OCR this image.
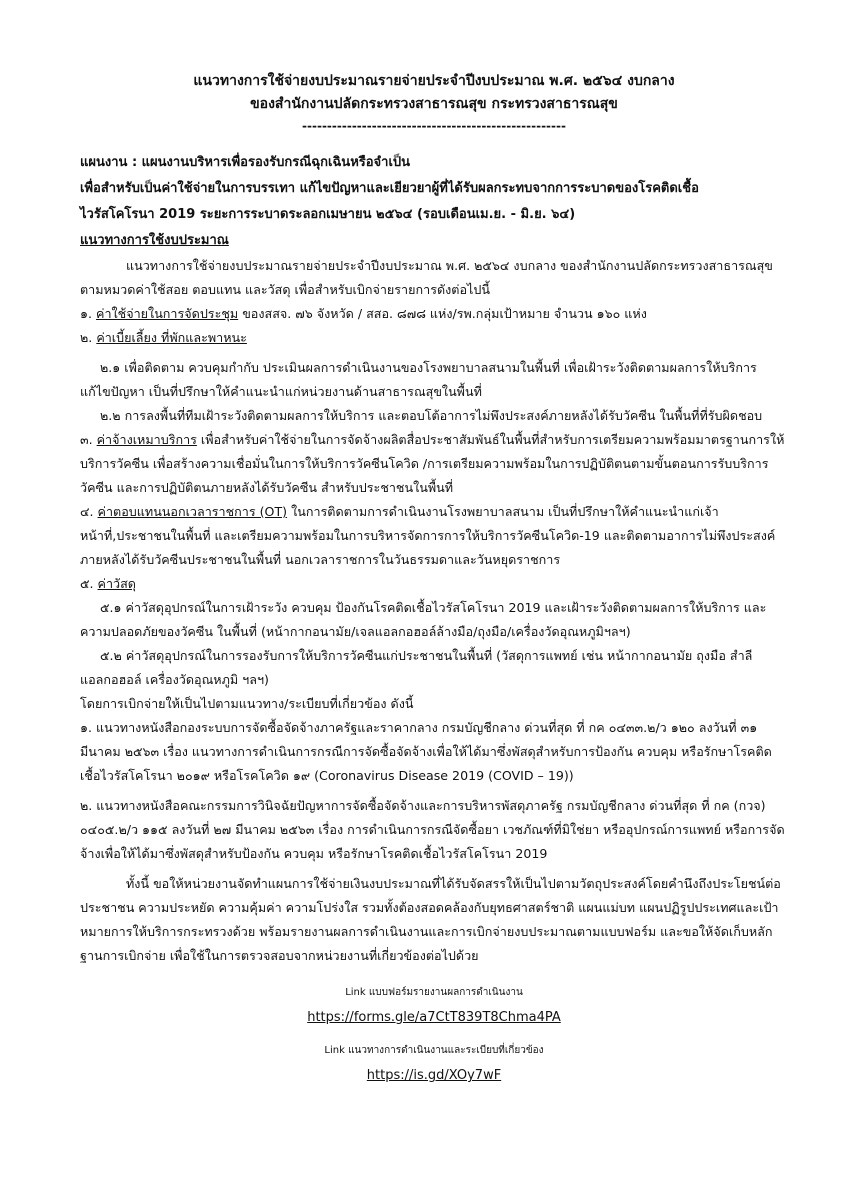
แนวทางการใช้จ่ายงบประมาณรายจ่ายประจำปีงบประมาณ พ.ศ. ๒๕๖๔ งบกลาง
ของสำนักงานปลัดกระทรวงสาธารณสุข กระทรวงสาธารณสุข
-----------------------------------------------------

แผนงาน : แผนงานบริหารเพื่อรองรับกรณีฉุกเฉินหรือจำเป็น

เพื่อสำหรับเป็นค่าใช้จ่ายในการบรรเทา แก้ไขปัญหาและเยียวยาผู้ที่ได้รับผลกระทบจากการระบาดของโรคติดเชื้อ

ไวรัสโคโรนา 2019 ระยะการระบาดระลอกเมษายน ๒๕๖๔ (รอบเดือนเม.ย. - มิ.ย. ๖๔)

แนวทางการใช้งบประมาณ

แนวทางการใช้จ่ายงบประมาณรายจ่ายประจำปีงบประมาณ พ.ศ. ๒๕๖๔ งบกลาง ของสำนักงานปลัดกระทรวงสาธารณสุข ตามหมวดค่าใช้สอย ตอบแทน และวัสดุ เพื่อสำหรับเบิกจ่ายรายการดังต่อไปนี้

๑. ค่าใช้จ่ายในการจัดประชุม ของสสจ. ๗๖ จังหวัด / สสอ. ๘๗๘ แห่ง/รพ.กลุ่มเป้าหมาย จำนวน ๑๖๐ แห่ง

๒. ค่าเบี้ยเลี้ยง ที่พักและพาหนะ

๒.๑ เพื่อติดตาม ควบคุมกำกับ ประเมินผลการดำเนินงานของโรงพยาบาลสนามในพื้นที่ เพื่อเฝ้าระวังติดตามผลการให้บริการ แก้ไขปัญหา เป็นที่ปรึกษาให้คำแนะนำแก่หน่วยงานด้านสาธารณสุขในพื้นที่

๒.๒ การลงพื้นที่ทีมเฝ้าระวังติดตามผลการให้บริการ และตอบโต้อาการไม่พึงประสงค์ภายหลังได้รับวัคซีน ในพื้นที่ที่รับผิดชอบ

๓. ค่าจ้างเหมาบริการ เพื่อสำหรับค่าใช้จ่ายในการจัดจ้างผลิตสื่อประชาสัมพันธ์ในพื้นที่สำหรับการเตรียมความพร้อมมาตรฐานการให้บริการวัคซีน เพื่อสร้างความเชื่อมั่นในการให้บริการวัคซีนโควิด /การเตรียมความพร้อมในการปฏิบัติตนตามขั้นตอนการรับบริการวัคซีน และการปฏิบัติตนภายหลังได้รับวัคซีน สำหรับประชาชนในพื้นที่

๔. ค่าตอบแทนนอกเวลาราชการ (OT) ในการติดตามการดำเนินงานโรงพยาบาลสนาม เป็นที่ปรึกษาให้คำแนะนำแก่เจ้าหน้าที่,ประชาชนในพื้นที่ และเตรียมความพร้อมในการบริหารจัดการการให้บริการวัคซีนโควิด-19 และติดตามอาการไม่พึงประสงค์ภายหลังได้รับวัคซีนประชาชนในพื้นที่ นอกเวลาราชการในวันธรรมดาและวันหยุดราชการ

๕. ค่าวัสดุ

๕.๑ ค่าวัสดุอุปกรณ์ในการเฝ้าระวัง ควบคุม ป้องกันโรคติดเชื้อไวรัสโคโรนา 2019 และเฝ้าระวังติดตามผลการให้บริการ และความปลอดภัยของวัคซีน ในพื้นที่ (หน้ากากอนามัย/เจลแอลกอฮอล์ล้างมือ/ถุงมือ/เครื่องวัดอุณหภูมิฯลฯ)

๕.๒ ค่าวัสดุอุปกรณ์ในการรองรับการให้บริการวัคซีนแก่ประชาชนในพื้นที่ (วัสดุการแพทย์ เช่น หน้ากากอนามัย ถุงมือ สำลี แอลกอฮอล์ เครื่องวัดอุณหภูมิ ฯลฯ)

โดยการเบิกจ่ายให้เป็นไปตามแนวทาง/ระเบียบที่เกี่ยวข้อง ดังนี้

๑. แนวทางหนังสือกองระบบการจัดซื้อจัดจ้างภาครัฐและราคากลาง กรมบัญชีกลาง ด่วนที่สุด ที่ กค ๐๔๓๓.๒/ว ๑๒๐ ลงวันที่ ๓๑ มีนาคม ๒๕๖๓ เรื่อง แนวทางการดำเนินการกรณีการจัดซื้อจัดจ้างเพื่อให้ได้มาซึ่งพัสดุสำหรับการป้องกัน ควบคุม หรือรักษาโรคติดเชื้อไวรัสโคโรนา ๒๐๑๙ หรือโรคโควิด ๑๙ (Coronavirus Disease 2019 (COVID – 19))

๒. แนวทางหนังสือคณะกรรมการวินิจฉัยปัญหาการจัดซื้อจัดจ้างและการบริหารพัสดุภาครัฐ กรมบัญชีกลาง ด่วนที่สุด ที่ กค (กวจ) ๐๔๐๕.๒/ว ๑๑๕ ลงวันที่ ๒๗ มีนาคม ๒๕๖๓ เรื่อง การดำเนินการกรณีจัดซื้อยา เวชภัณฑ์ที่มิใช่ยา หรืออุปกรณ์การแพทย์ หรือการจัดจ้างเพื่อให้ได้มาซึ่งพัสดุสำหรับป้องกัน ควบคุม หรือรักษาโรคติดเชื้อไวรัสโคโรนา 2019

ทั้งนี้ ขอให้หน่วยงานจัดทำแผนการใช้จ่ายเงินงบประมาณที่ได้รับจัดสรรให้เป็นไปตามวัตถุประสงค์โดยคำนึงถึงประโยชน์ต่อประชาชน ความประหยัด ความคุ้มค่า ความโปร่งใส รวมทั้งต้องสอดคล้องกับยุทธศาสตร์ชาติ แผนแม่บท แผนปฏิรูปประเทศและเป้าหมายการให้บริการกระทรวงด้วย พร้อมรายงานผลการดำเนินงานและการเบิกจ่ายงบประมาณตามแบบฟอร์ม และขอให้จัดเก็บหลักฐานการเบิกจ่าย เพื่อใช้ในการตรวจสอบจากหน่วยงานที่เกี่ยวข้องต่อไปด้วย

Link แบบฟอร์มรายงานผลการดำเนินงาน
https://forms.gle/a7CtT839T8Chma4PA
Link แนวทางการดำเนินงานและระเบียบที่เกี่ยวข้อง
https://is.gd/XOy7wF
